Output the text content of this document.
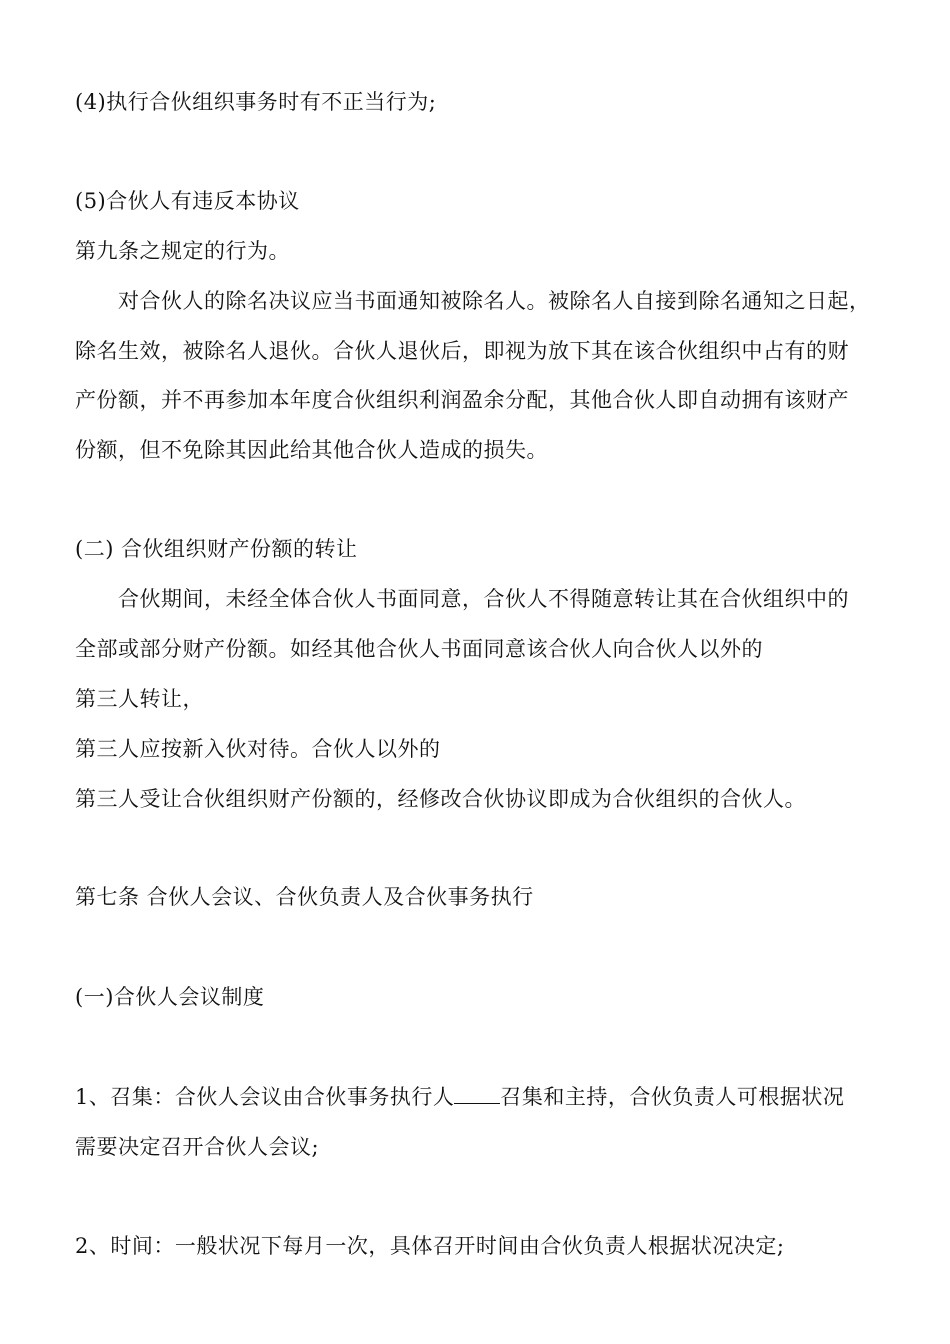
(4)执行合伙组织事务时有不正当行为;
(5)合伙人有违反本协议
第九条之规定的行为。
对合伙人的除名决议应当书面通知被除名人。被除名人自接到除名通知之日起，
除名生效，被除名人退伙。合伙人退伙后，即视为放下其在该合伙组织中占有的财
产份额，并不再参加本年度合伙组织利润盈余分配，其他合伙人即自动拥有该财产
份额，但不免除其因此给其他合伙人造成的损失。
(二) 合伙组织财产份额的转让
合伙期间，未经全体合伙人书面同意，合伙人不得随意转让其在合伙组织中的
全部或部分财产份额。如经其他合伙人书面同意该合伙人向合伙人以外的
第三人转让，
第三人应按新入伙对待。合伙人以外的
第三人受让合伙组织财产份额的，经修改合伙协议即成为合伙组织的合伙人。
第七条 合伙人会议、合伙负责人及合伙事务执行
(一)合伙人会议制度
1、召集：合伙人会议由合伙事务执行人 召集和主持，合伙负责人可根据状况
需要决定召开合伙人会议;
2、时间：一般状况下每月一次，具体召开时间由合伙负责人根据状况决定;
